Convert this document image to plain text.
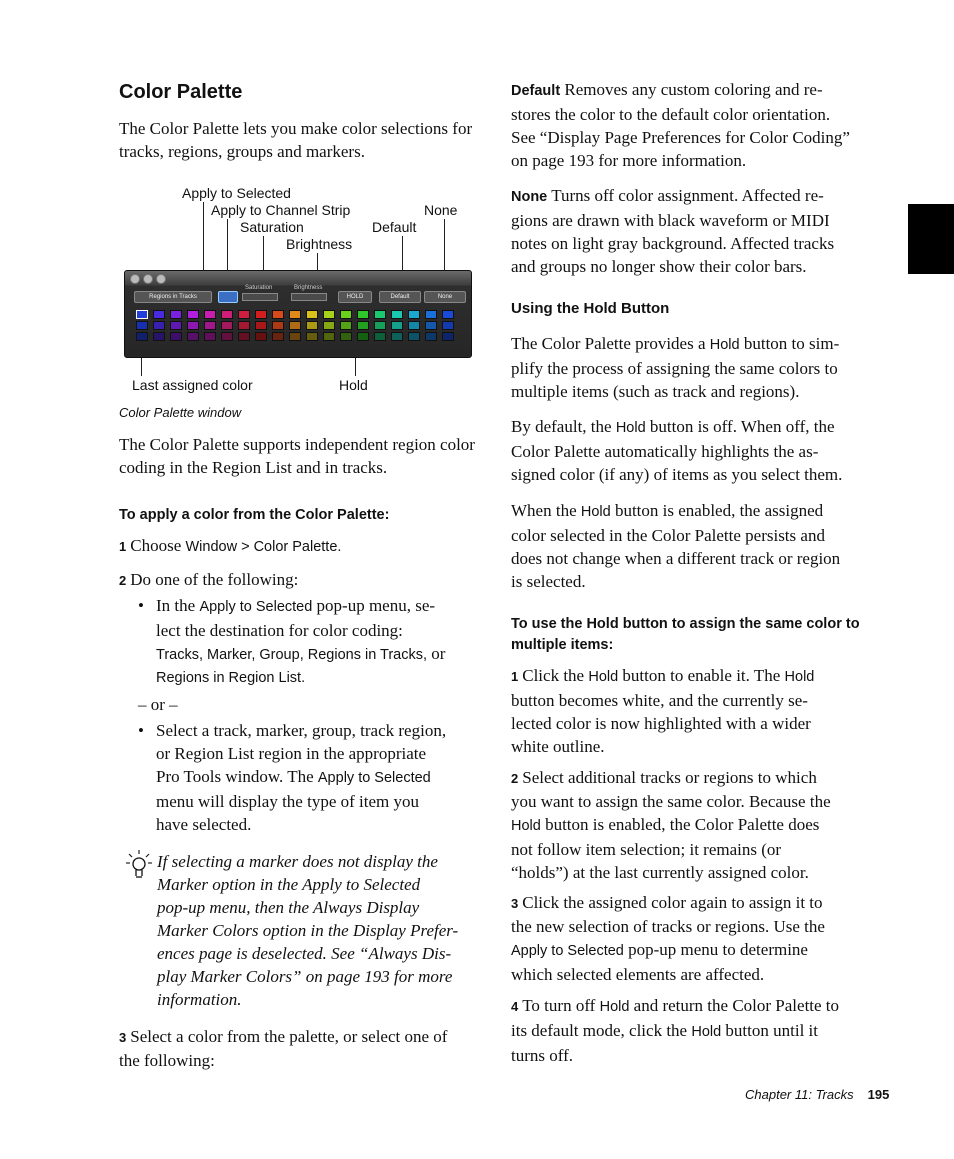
Color Palette
The Color Palette lets you make color selections for tracks, regions, groups and markers.
Apply to Selected
Apply to Channel Strip
Saturation
Brightness
Default
None
Regions in Tracks
Saturation	Brightness
HOLD	Default	None
Last assigned color	Hold
Color Palette window
The Color Palette supports independent region color coding in the Region List and in tracks.
To apply a color from the Color Palette:
1 Choose Window > Color Palette.
2 Do one of the following:
• In the Apply to Selected pop-up menu, se-
lect the destination for color coding:
Tracks, Marker, Group, Regions in Tracks, or
Regions in Region List.
– or –
• Select a track, marker, group, track region,
or Region List region in the appropriate
Pro Tools window. The Apply to Selected
menu will display the type of item you
have selected.
If selecting a marker does not display the
Marker option in the Apply to Selected
pop-up menu, then the Always Display
Marker Colors option in the Display Prefer-
ences page is deselected. See “Always Dis-
play Marker Colors” on page 193 for more
information.
3 Select a color from the palette, or select one of
the following:
Default Removes any custom coloring and re-
stores the color to the default color orientation.
See “Display Page Preferences for Color Coding”
on page 193 for more information.
None Turns off color assignment. Affected re-
gions are drawn with black waveform or MIDI
notes on light gray background. Affected tracks
and groups no longer show their color bars.
Using the Hold Button
The Color Palette provides a Hold button to sim-
plify the process of assigning the same colors to
multiple items (such as track and regions).
By default, the Hold button is off. When off, the
Color Palette automatically highlights the as-
signed color (if any) of items as you select them.
When the Hold button is enabled, the assigned
color selected in the Color Palette persists and
does not change when a different track or region
is selected.
To use the Hold button to assign the same color to
multiple items:
1 Click the Hold button to enable it. The Hold
button becomes white, and the currently se-
lected color is now highlighted with a wider
white outline.
2 Select additional tracks or regions to which
you want to assign the same color. Because the
Hold button is enabled, the Color Palette does
not follow item selection; it remains (or
“holds”) at the last currently assigned color.
3 Click the assigned color again to assign it to
the new selection of tracks or regions. Use the
Apply to Selected pop-up menu to determine
which selected elements are affected.
4 To turn off Hold and return the Color Palette to
its default mode, click the Hold button until it
turns off.
Chapter 11: Tracks 195
